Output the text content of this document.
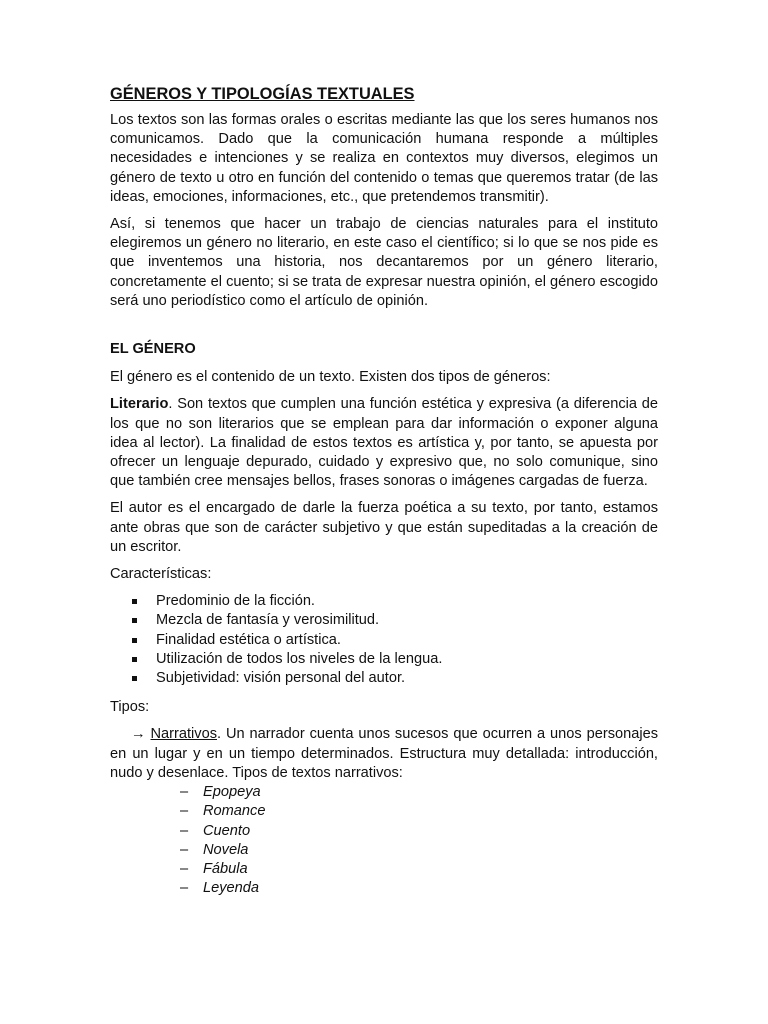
GÉNEROS Y TIPOLOGÍAS TEXTUALES

Los textos son las formas orales o escritas mediante las que los seres humanos nos comunicamos. Dado que la comunicación humana responde a múltiples necesidades e intenciones y se realiza en contextos muy diversos, elegimos un género de texto u otro en función del contenido o temas que queremos tratar (de las ideas, emociones, informaciones, etc., que pretendemos transmitir).

Así, si tenemos que hacer un trabajo de ciencias naturales para el instituto elegiremos un género no literario, en este caso el científico; si lo que se nos pide es que inventemos una historia, nos decantaremos por un género literario, concretamente el cuento; si se trata de expresar nuestra opinión, el género escogido será uno periodístico como el artículo de opinión.

EL GÉNERO

El género es el contenido de un texto. Existen dos tipos de géneros:

Literario. Son textos que cumplen una función estética y expresiva (a diferencia de los que no son literarios que se emplean para dar información o exponer alguna idea al lector). La finalidad de estos textos es artística y, por tanto, se apuesta por ofrecer un lenguaje depurado, cuidado y expresivo que, no solo comunique, sino que también cree mensajes bellos, frases sonoras o imágenes cargadas de fuerza.

El autor es el encargado de darle la fuerza poética a su texto, por tanto, estamos ante obras que son de carácter subjetivo y que están supeditadas a la creación de un escritor.

Características:

Predominio de la ficción.
Mezcla de fantasía y verosimilitud.
Finalidad estética o artística.
Utilización de todos los niveles de la lengua.
Subjetividad: visión personal del autor.

Tipos:

→ Narrativos. Un narrador cuenta unos sucesos que ocurren a unos personajes en un lugar y en un tiempo determinados. Estructura muy detallada: introducción, nudo y desenlace. Tipos de textos narrativos:

– Epopeya
– Romance
– Cuento
– Novela
– Fábula
– Leyenda
